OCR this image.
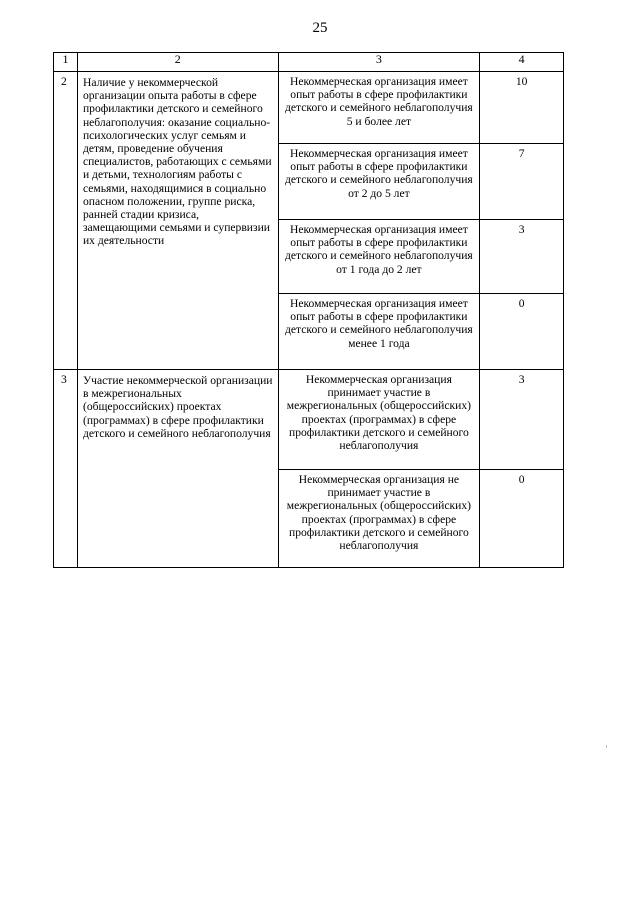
25
1	2	3	4

2	Наличие у некоммерческой организации опыта работы в сфере профилактики детского и семейного неблагополучия: оказание социально-психологических услуг семьям и детям, проведение обучения специалистов, работающих с семьями и детьми, технологиям работы с семьями, находящимися в социально опасном положении, группе риска, ранней стадии кризиса, замещающими семьями и супервизии их деятельности	Некоммерческая организация имеет опыт работы в сфере профилактики детского и семейного неблагополучия 5 и более лет	10

		Некоммерческая организация имеет опыт работы в сфере профилактики детского и семейного неблагополучия от 2 до 5 лет	7

		Некоммерческая организация имеет опыт работы в сфере профилактики детского и семейного неблагополучия от 1 года до 2 лет	3

		Некоммерческая организация имеет опыт работы в сфере профилактики детского и семейного неблагополучия менее 1 года	0

3	Участие некоммерческой организации в межрегиональных (общероссийских) проектах (программах) в сфере профилактики детского и семейного неблагополучия	Некоммерческая организация принимает участие в межрегиональных (общероссийских) проектах (программах) в сфере профилактики детского и семейного неблагополучия	3

		Некоммерческая организация не принимает участие в межрегиональных (общероссийских) проектах (программах) в сфере профилактики детского и семейного неблагополучия	0
